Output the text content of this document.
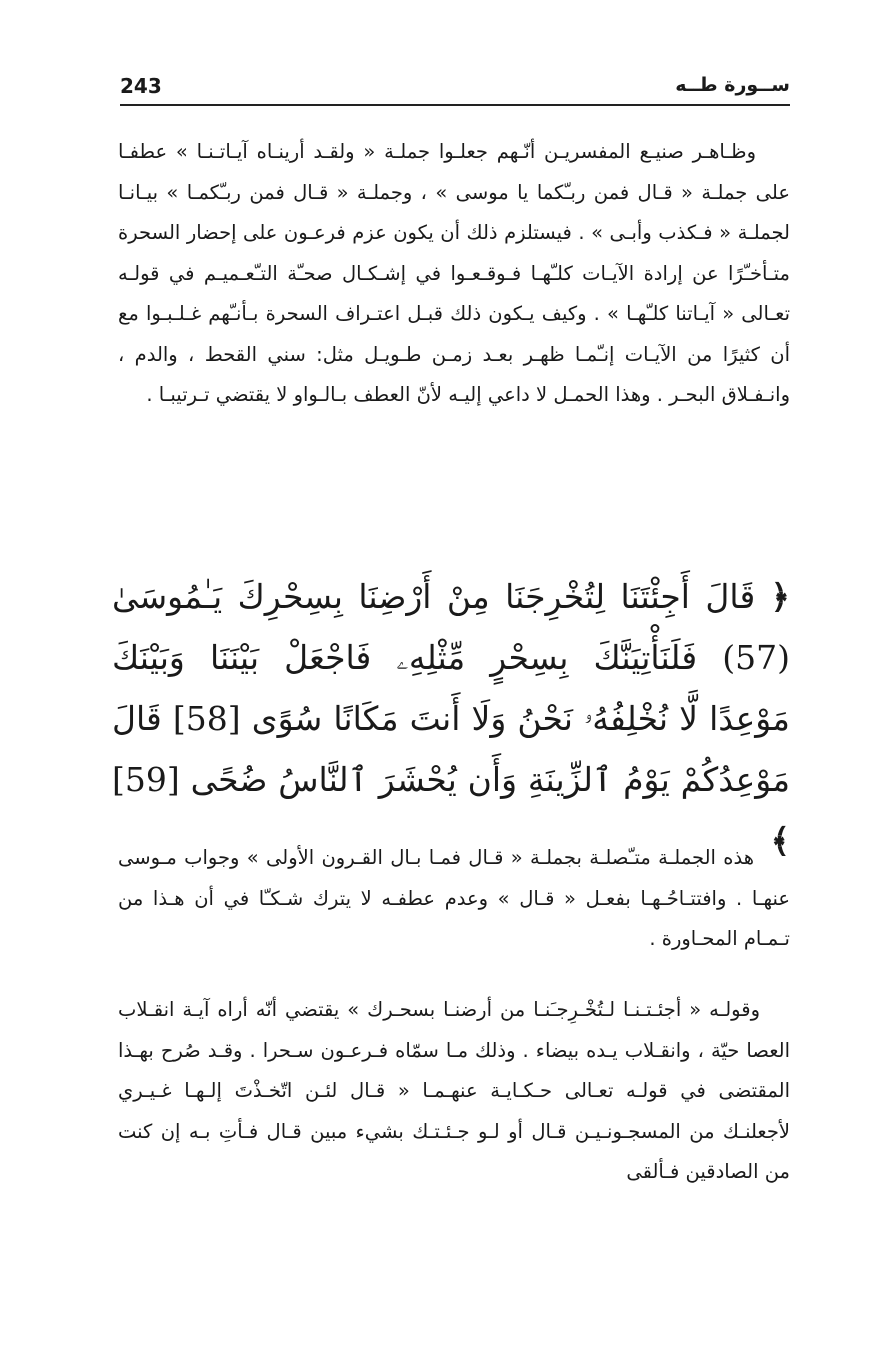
243	ســورة طــه

وظـاهـر صنيـع المفسريـن أنّـهم جعلـوا جملـة « ولقـد أرينـاه آيـاتـنـا » عطفـا على جملـة « قـال فمن ربـّكما يا موسى » ، وجملـة « قـال فمن ربـّكمـا » بيـانـا لجملـة « فـكذب وأبـى » . فيستلزم ذلك أن يكون عزم فرعـون على إحضار السحرة متـأخـّرًا عن إرادة الآيـات كلـّهـا فـوقـعـوا في إشـكـال صحـّة التـّعـميـم في قولـه تعـالى « آيـاتنا كلـّهـا » . وكيف يـكون ذلك قبـل اعتـراف السحرة بـأنـّهم غـلـبـوا مع أن كثيرًا من الآيـات إنـّمـا ظهـر بعـد زمـن طـويـل مثل: سني القحط ، والدم ، وانـفـلاق البحـر . وهذا الحمـل لا داعي إليـه لأنّ العطف بـالـواو لا يقتضي تـرتيبـا .

﴿ قَالَ أَجِئْتَنَا لِتُخْرِجَنَا مِنْ أَرْضِنَا بِسِحْرِكَ يَـٰمُوسَىٰ (57) فَلَنَأْتِيَنَّكَ بِسِحْرٍ مِّثْلِهِۦ فَاجْعَلْ بَيْنَنَا وَبَيْنَكَ مَوْعِدًا لَّا نُخْلِفُهُۥ نَحْنُ وَلَا أَنتَ مَكَانًا سُوًى [58] قَالَ مَوْعِدُكُمْ يَوْمُ ٱلزِّينَةِ وَأَن يُحْشَرَ ٱلنَّاسُ ضُحًى [59] ﴾

هذه الجملـة متـّصلـة بجملـة « قـال فمـا بـال القـرون الأولى » وجواب مـوسى عنهـا . وافتتـاحُـهـا بفعـل « قـال » وعدم عطفـه لا يترك شـكـّا في أن هـذا من تـمـام المحـاورة .

وقولـه « أجئـتـنـا لـتُخْـرِجـَنـا من أرضنـا بسحـرك » يقتضي أنّه أراه آيـة انقـلاب العصا حيّة ، وانقـلاب يـده بيضاء . وذلك مـا سمّاه فـرعـون سـحرا . وقـد صُرح بهـذا المقتضى في قولـه تعـالى حـكـايـة عنهـمـا « قـال لئـن اتّخـذْتَ إلـهـا غـيـري لأجعلنـك من المسجـونـيـن قـال أو لـو جـئـتـك بشيء مبين قـال فـأتِ بـه إن كنت من الصادقين فـألقى
